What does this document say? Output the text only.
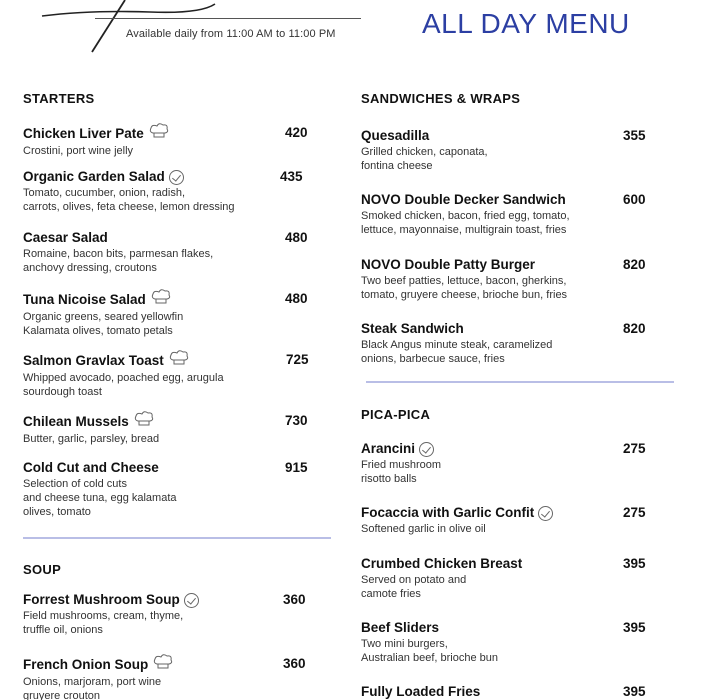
Available daily from 11:00 AM to 11:00 PM	ALL DAY MENU
STARTERS
Chicken Liver Pate	420
Crostini, port wine jelly
Organic Garden Salad	435
Tomato, cucumber, onion, radish,
carrots, olives, feta cheese, lemon dressing
Caesar Salad	480
Romaine, bacon bits, parmesan flakes,
anchovy dressing, croutons
Tuna Nicoise Salad	480
Organic greens, seared yellowfin
Kalamata olives, tomato petals
Salmon Gravlax Toast	725
Whipped avocado, poached egg, arugula
sourdough toast
Chilean Mussels	730
Butter, garlic, parsley, bread
Cold Cut and Cheese	915
Selection of cold cuts
and cheese tuna, egg kalamata
olives, tomato
SOUP
Forrest Mushroom Soup	360
Field mushrooms, cream, thyme,
truffle oil, onions
French Onion Soup	360
Onions, marjoram, port wine
gruyere crouton
SANDWICHES & WRAPS
Quesadilla	355
Grilled chicken, caponata,
fontina cheese
NOVO Double Decker Sandwich	600
Smoked chicken, bacon, fried egg, tomato,
lettuce, mayonnaise, multigrain toast, fries
NOVO Double Patty Burger	820
Two beef patties, lettuce, bacon, gherkins,
tomato, gruyere cheese, brioche bun, fries
Steak Sandwich	820
Black Angus minute steak, caramelized
onions, barbecue sauce, fries
PICA-PICA
Arancini	275
Fried mushroom
risotto balls
Focaccia with Garlic Confit	275
Softened garlic in olive oil
Crumbed Chicken Breast	395
Served on potato and
camote fries
Beef Sliders	395
Two mini burgers,
Australian beef, brioche bun
Fully Loaded Fries	395
